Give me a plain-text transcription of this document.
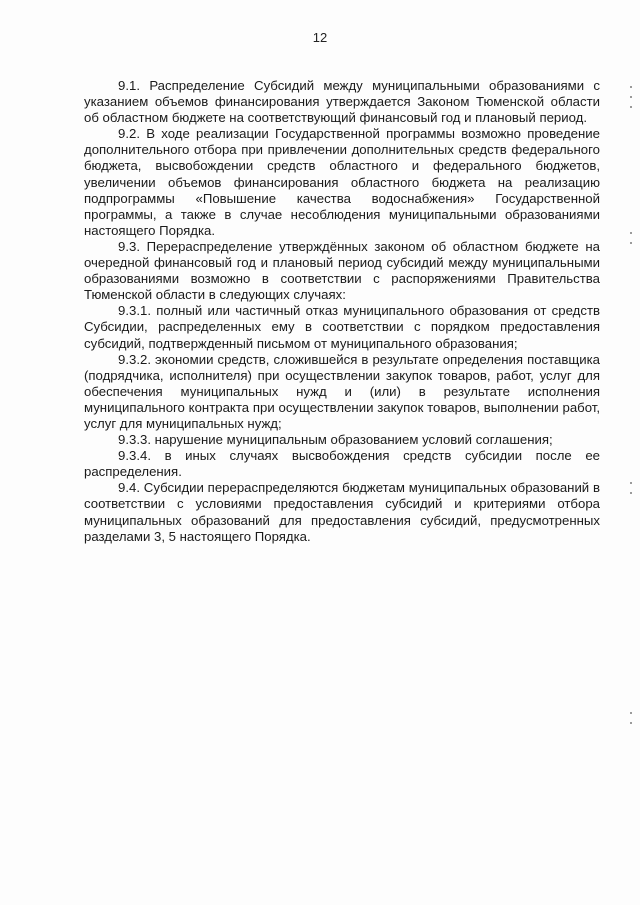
12

9.1. Распределение Субсидий между муниципальными образованиями с указанием объемов финансирования утверждается Законом Тюменской области об областном бюджете на соответствующий финансовый год и плановый период.

9.2. В ходе реализации Государственной программы возможно проведение дополнительного отбора при привлечении дополнительных средств федерального бюджета, высвобождении средств областного и федерального бюджетов, увеличении объемов финансирования областного бюджета на реализацию подпрограммы «Повышение качества водоснабжения» Государственной программы, а также в случае несоблюдения муниципальными образованиями настоящего Порядка.

9.3. Перераспределение утверждённых законом об областном бюджете на очередной финансовый год и плановый период субсидий между муниципальными образованиями возможно в соответствии с распоряжениями Правительства Тюменской области в следующих случаях:

9.3.1. полный или частичный отказ муниципального образования от средств Субсидии, распределенных ему в соответствии с порядком предоставления субсидий, подтвержденный письмом от муниципального образования;

9.3.2. экономии средств, сложившейся в результате определения поставщика (подрядчика, исполнителя) при осуществлении закупок товаров, работ, услуг для обеспечения муниципальных нужд и (или) в результате исполнения муниципального контракта при осуществлении закупок товаров, выполнении работ, услуг для муниципальных нужд;

9.3.3. нарушение муниципальным образованием условий соглашения;

9.3.4. в иных случаях высвобождения средств субсидии после ее распределения.

9.4. Субсидии перераспределяются бюджетам муниципальных образований в соответствии с условиями предоставления субсидий и критериями отбора муниципальных образований для предоставления субсидий, предусмотренных разделами 3, 5 настоящего Порядка.
